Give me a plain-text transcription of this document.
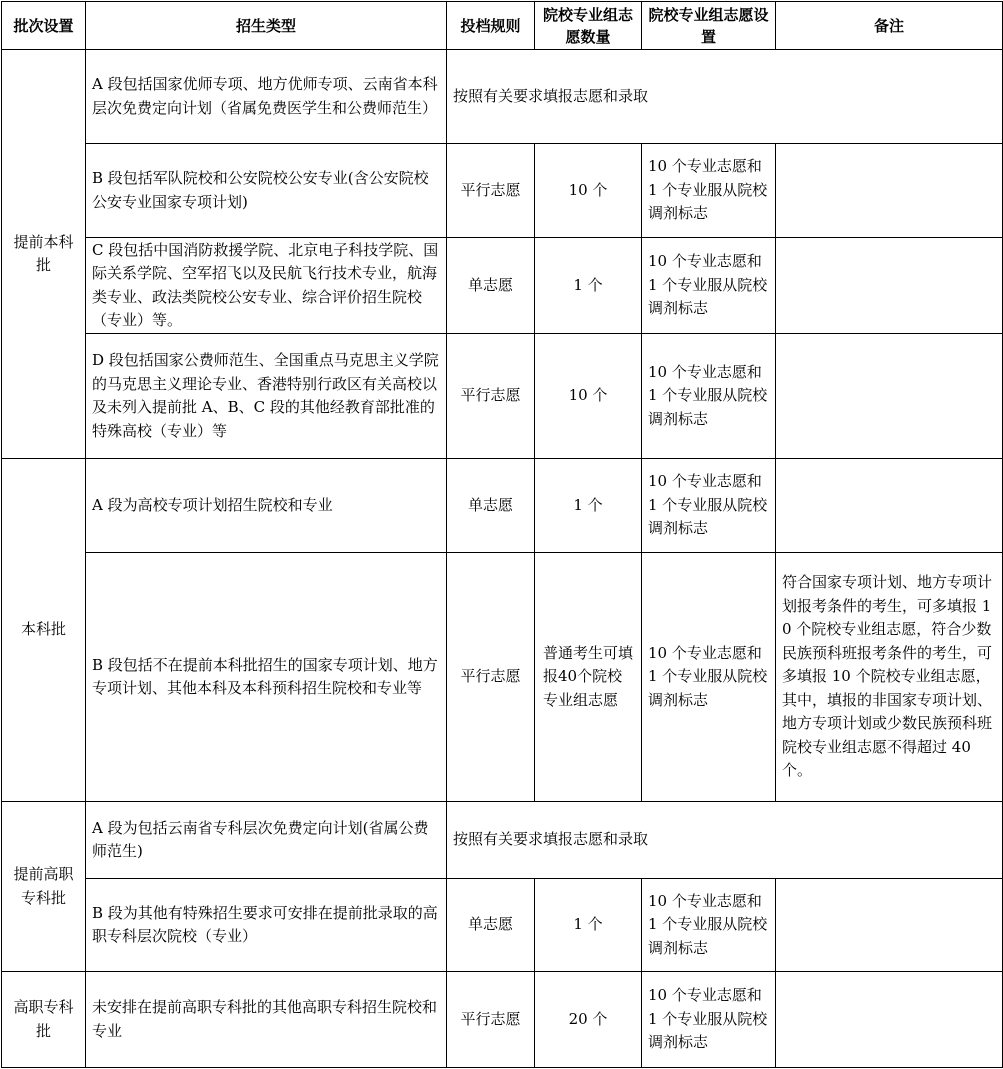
批次设置	招生类型	投档规则	院校专业组志愿数量	院校专业组志愿设置	备注
提前本科批	A 段包括国家优师专项、地方优师专项、云南省本科层次免费定向计划（省属免费医学生和公费师范生）	按照有关要求填报志愿和录取			
	B 段包括军队院校和公安院校公安专业(含公安院校公安专业国家专项计划)	平行志愿	10 个	10 个专业志愿和 1 个专业服从院校调剂标志	
	C 段包括中国消防救援学院、北京电子科技学院、国际关系学院、空军招飞以及民航飞行技术专业，航海类专业、政法类院校公安专业、综合评价招生院校（专业）等。	单志愿	1 个	10 个专业志愿和 1 个专业服从院校调剂标志	
	D 段包括国家公费师范生、全国重点马克思主义学院的马克思主义理论专业、香港特别行政区有关高校以及未列入提前批 A、B、C 段的其他经教育部批准的特殊高校（专业）等	平行志愿	10 个	10 个专业志愿和 1 个专业服从院校调剂标志	
本科批	A 段为高校专项计划招生院校和专业	单志愿	1 个	10 个专业志愿和 1 个专业服从院校调剂标志	
	B 段包括不在提前本科批招生的国家专项计划、地方专项计划、其他本科及本科预科招生院校和专业等	平行志愿	普通考生可填报40个院校专业组志愿	10 个专业志愿和 1 个专业服从院校调剂标志	符合国家专项计划、地方专项计划报考条件的考生，可多填报 10 个院校专业组志愿，符合少数民族预科班报考条件的考生，可多填报 10 个院校专业组志愿，其中，填报的非国家专项计划、地方专项计划或少数民族预科班院校专业组志愿不得超过 40 个。
提前高职专科批	A 段为包括云南省专科层次免费定向计划(省属公费师范生)	按照有关要求填报志愿和录取			
	B 段为其他有特殊招生要求可安排在提前批录取的高职专科层次院校（专业）	单志愿	1 个	10 个专业志愿和 1 个专业服从院校调剂标志	
高职专科批	未安排在提前高职专科批的其他高职专科招生院校和专业	平行志愿	20 个	10 个专业志愿和 1 个专业服从院校调剂标志	
